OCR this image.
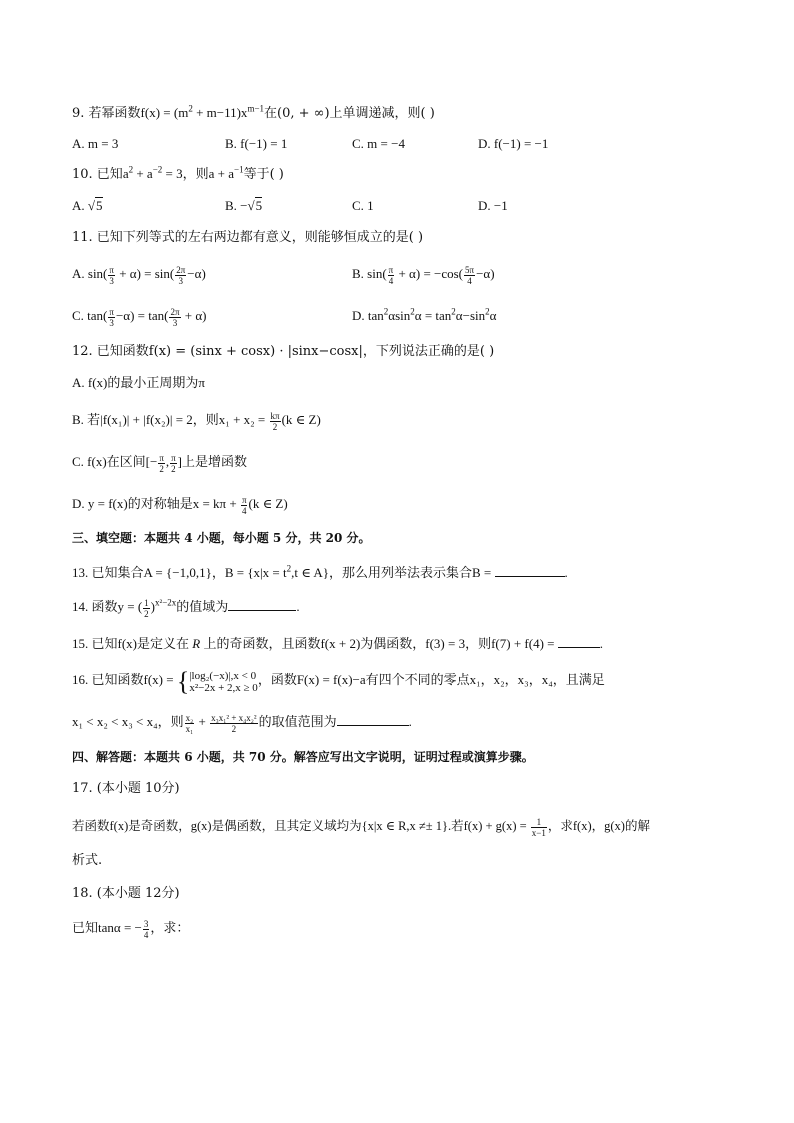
9. 若幂函数$f(x) = (m^2 + m-11)x^{m-1}$在(0, + ∞)上单调递减，则( )
A. m = 3	B. f(−1) = 1	C. m = −4	D. f(−1) = −1
10. 已知$a^2 + a^{-2} = 3$，则$a + a^{-1}$等于( )
A. √5	B. −√5	C. 1	D. −1
11. 已知下列等式的左右两边都有意义，则能够恒成立的是( )
A. $\sin( \frac{\pi}{3} + \alpha) = \sin( \frac{2\pi}{3} -\alpha)$	B. $\sin( \frac{\pi}{4} + \alpha) = -\cos( \frac{5\pi}{4} -\alpha)$
C. $\tan( \frac{\pi}{3} -\alpha) = \tan( \frac{2\pi}{3} + \alpha)$	D. $\tan^2\alpha\sin^2\alpha = \tan^2\alpha-\sin^2\alpha$
12. 已知函数f(x) = (sinx + cosx) · |sinx−cosx|，下列说法正确的是( )
A. f(x)的最小正周期为π
B. 若|f(x₁)| + |f(x₂)| = 2，则$x_1 + x_2 = \frac{k\pi}{2} (k$ ∈ Z)
C. f(x)在区间[− $\frac{\pi}{2}$ , $\frac{\pi}{2}$ ]上是增函数
D. y = f(x)的对称轴是$x = k\pi + \frac{\pi}{4} (k$ ∈ Z)
三、填空题：本题共 4 小题，每小题 5 分，共 20 分。
13. 已知集合A = {−1,0,1}，$B = \{x|x = t^2,t$ ∈ A}，那么用列举法表示集合B =	.
14. 函数y = ( $\frac{1}{2} )^{x^2-2x}$的值域为	.
15. 已知f(x)是定义在 R 上的奇函数，且函数f(x + 2)为偶函数，f(3) = 3，则f(7) + f(4) =	.
16. 已知函数f(x) = { |log₂(−x)|,x < 0
x²−2x + 2,x ≥ 0
，函数F(x) = f(x)−a有四个不同的零点x₁，x₂，x₃，x₄，且满足
x₁ < x₂ < x₃ < x₄，则 $\frac{\text{x₂}}{\text{x₁}} + \frac{\text{x₃x₁² + x₄x₂²}}{2}$ 的取值范围为	.
四、解答题：本题共 6 小题，共 70 分。解答应写出文字说明，证明过程或演算步骤。
17. (本小题 10分)
若函数f(x)是奇函数，g(x)是偶函数，且其定义域均为{x|x ∈ R,x ≠± 1}.若$f(x) + g(x) = \frac{1}{x-1}$ ，求f(x)，g(x)的解
析式.
18. (本小题 12分)
已知tanα = − $\frac{3}{4}$ ，求：
